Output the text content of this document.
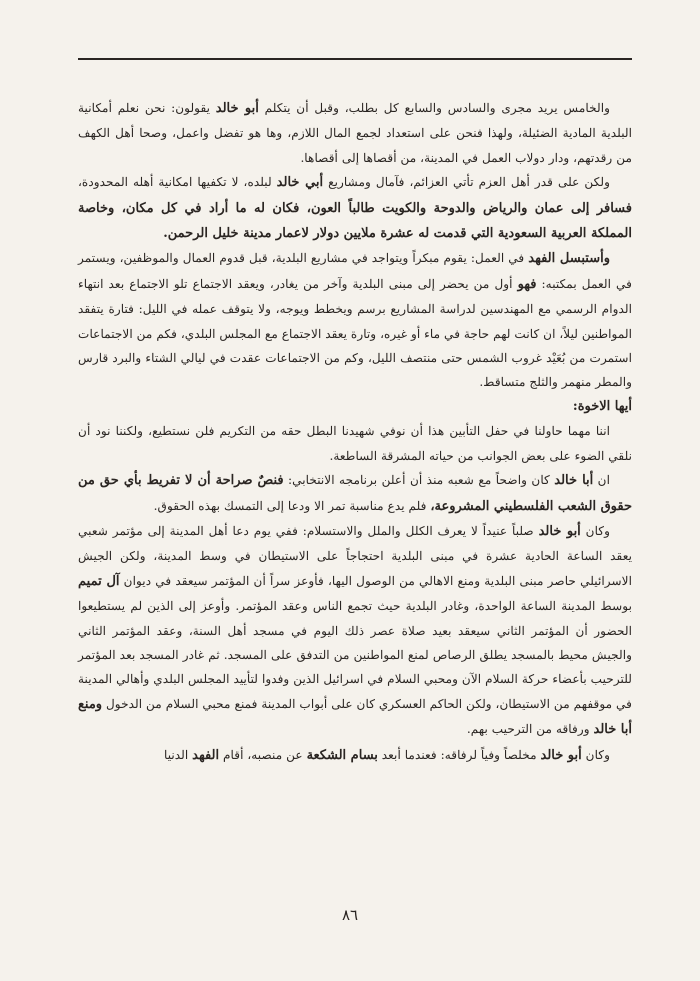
والخامس يريد مجرى والسادس والسابع كل بطلب، وقبل أن يتكلم أبو خالد يقولون: نحن نعلم أمكانية البلدية المادية الضئيلة، ولهذا فنحن على استعداد لجمع المال اللازم، وها هو تفضل واعمل، وصحا أهل الكهف من رقدتهم، ودار دولاب العمل في المدينة، من أقصاها إلى أقصاها.

ولكن على قدر أهل العزم تأتي العزائم، فآمال ومشاريع أبي خالد لبلده، لا تكفيها امكانية أهله المحدودة، فسافر إلى عمان والرياض والدوحة والكويت طالباً العون، فكان له ما أراد في كل مكان، وخاصة المملكة العربية السعودية التي قدمت له عشرة ملايين دولار لاعمار مدينة خليل الرحمن.

وأستبسل الفهد في العمل: يقوم مبكراً ويتواجد في مشاريع البلدية، قبل قدوم العمال والموظفين، ويستمر في العمل بمكتبه: فهو أول من يحضر إلى مبنى البلدية وآخر من يغادر، ويعقد الاجتماع تلو الاجتماع بعد انتهاء الدوام الرسمي مع المهندسين لدراسة المشاريع برسم ويخطط ويوجه، ولا يتوقف عمله في الليل: فتارة يتفقد المواطنين ليلاً، ان كانت لهم حاجة في ماء أو غيره، وتارة يعقد الاجتماع مع المجلس البلدي، فكم من الاجتماعات استمرت من بُعَيْد غروب الشمس حتى منتصف الليل، وكم من الاجتماعات عقدت في ليالي الشتاء والبرد قارس والمطر منهمر والثلج متساقط.

أيها الاخوة:

اننا مهما حاولنا في حفل التأبين هذا أن نوفي شهيدنا البطل حقه من التكريم فلن نستطيع، ولكننا نود أن نلقي الضوء على بعض الجوانب من حياته المشرقة الساطعة.

ان أبا خالد كان واضحاً مع شعبه منذ أن أعلن برنامجه الانتخابي: فنصٌ صراحة أن لا تفريط بأي حق من حقوق الشعب الفلسطيني المشروعة، فلم يدع مناسبة تمر الا ودعا إلى التمسك بهذه الحقوق.

وكان أبو خالد صلباً عنيداً لا يعرف الكلل والملل والاستسلام: ففي يوم دعا أهل المدينة إلى مؤتمر شعبي يعقد الساعة الحادية عشرة في مبنى البلدية احتجاجاً على الاستيطان في وسط المدينة، ولكن الجيش الاسرائيلي حاصر مبنى البلدية ومنع الاهالي من الوصول اليها، فأوعز سراً أن المؤتمر سيعقد في ديوان آل تميم بوسط المدينة الساعة الواحدة، وغادر البلدية حيث تجمع الناس وعقد المؤتمر. وأوعز إلى الذين لم يستطيعوا الحضور أن المؤتمر الثاني سيعقد بعيد صلاة عصر ذلك اليوم في مسجد أهل السنة، وعقد المؤتمر الثاني والجيش محيط بالمسجد يطلق الرصاص لمنع المواطنين من التدفق على المسجد. ثم غادر المسجد بعد المؤتمر للترحيب بأعضاء حركة السلام الآن ومحبي السلام في اسرائيل الذين وفدوا لتأييد المجلس البلدي وأهالي المدينة في موقفهم من الاستيطان، ولكن الحاكم العسكري كان على أبواب المدينة فمنع محبي السلام من الدخول ومنع أبا خالد ورفاقه من الترحيب بهم.

وكان أبو خالد مخلصاً وفياً لرفاقه: فعندما أبعد بسام الشكعة عن منصبه، أقام الفهد الدنيا

٨٦
